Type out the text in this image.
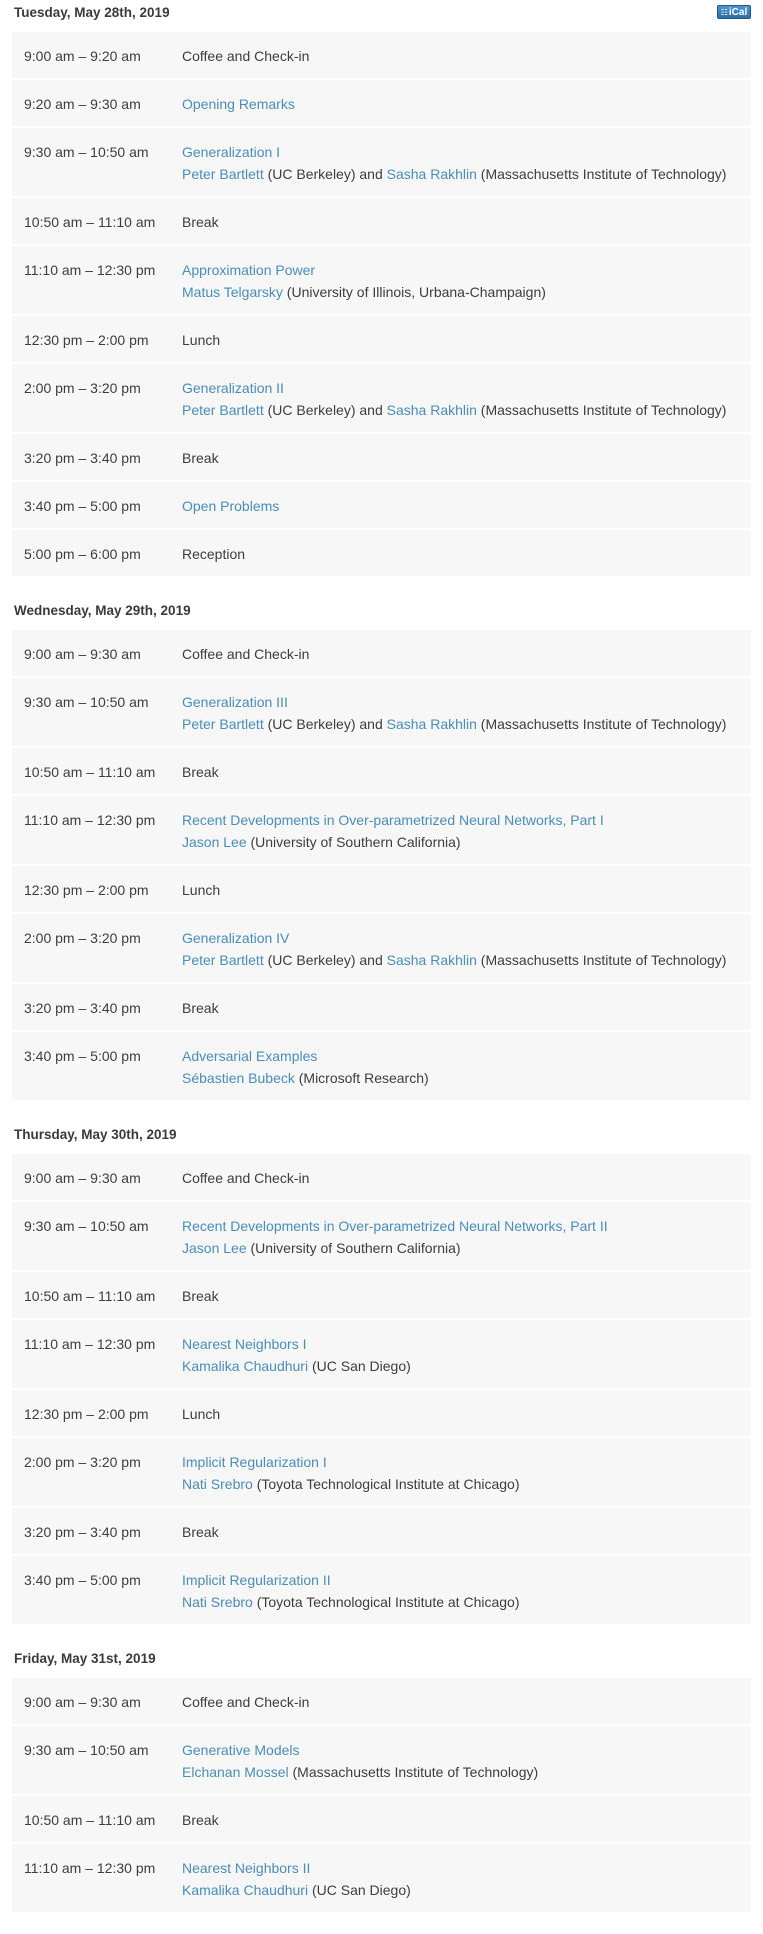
Tuesday, May 28th, 2019	☷iCal
9:00 am – 9:20 am	Coffee and Check-in
9:20 am – 9:30 am	Opening Remarks
9:30 am – 10:50 am	Generalization I
Peter Bartlett (UC Berkeley) and Sasha Rakhlin (Massachusetts Institute of Technology)
10:50 am – 11:10 am	Break
11:10 am – 12:30 pm	Approximation Power
Matus Telgarsky (University of Illinois, Urbana-Champaign)
12:30 pm – 2:00 pm	Lunch
2:00 pm – 3:20 pm	Generalization II
Peter Bartlett (UC Berkeley) and Sasha Rakhlin (Massachusetts Institute of Technology)
3:20 pm – 3:40 pm	Break
3:40 pm – 5:00 pm	Open Problems
5:00 pm – 6:00 pm	Reception
Wednesday, May 29th, 2019
9:00 am – 9:30 am	Coffee and Check-in
9:30 am – 10:50 am	Generalization III
Peter Bartlett (UC Berkeley) and Sasha Rakhlin (Massachusetts Institute of Technology)
10:50 am – 11:10 am	Break
11:10 am – 12:30 pm	Recent Developments in Over-parametrized Neural Networks, Part I
Jason Lee (University of Southern California)
12:30 pm – 2:00 pm	Lunch
2:00 pm – 3:20 pm	Generalization IV
Peter Bartlett (UC Berkeley) and Sasha Rakhlin (Massachusetts Institute of Technology)
3:20 pm – 3:40 pm	Break
3:40 pm – 5:00 pm	Adversarial Examples
Sébastien Bubeck (Microsoft Research)
Thursday, May 30th, 2019
9:00 am – 9:30 am	Coffee and Check-in
9:30 am – 10:50 am	Recent Developments in Over-parametrized Neural Networks, Part II
Jason Lee (University of Southern California)
10:50 am – 11:10 am	Break
11:10 am – 12:30 pm	Nearest Neighbors I
Kamalika Chaudhuri (UC San Diego)
12:30 pm – 2:00 pm	Lunch
2:00 pm – 3:20 pm	Implicit Regularization I
Nati Srebro (Toyota Technological Institute at Chicago)
3:20 pm – 3:40 pm	Break
3:40 pm – 5:00 pm	Implicit Regularization II
Nati Srebro (Toyota Technological Institute at Chicago)
Friday, May 31st, 2019
9:00 am – 9:30 am	Coffee and Check-in
9:30 am – 10:50 am	Generative Models
Elchanan Mossel (Massachusetts Institute of Technology)
10:50 am – 11:10 am	Break
11:10 am – 12:30 pm	Nearest Neighbors II
Kamalika Chaudhuri (UC San Diego)
